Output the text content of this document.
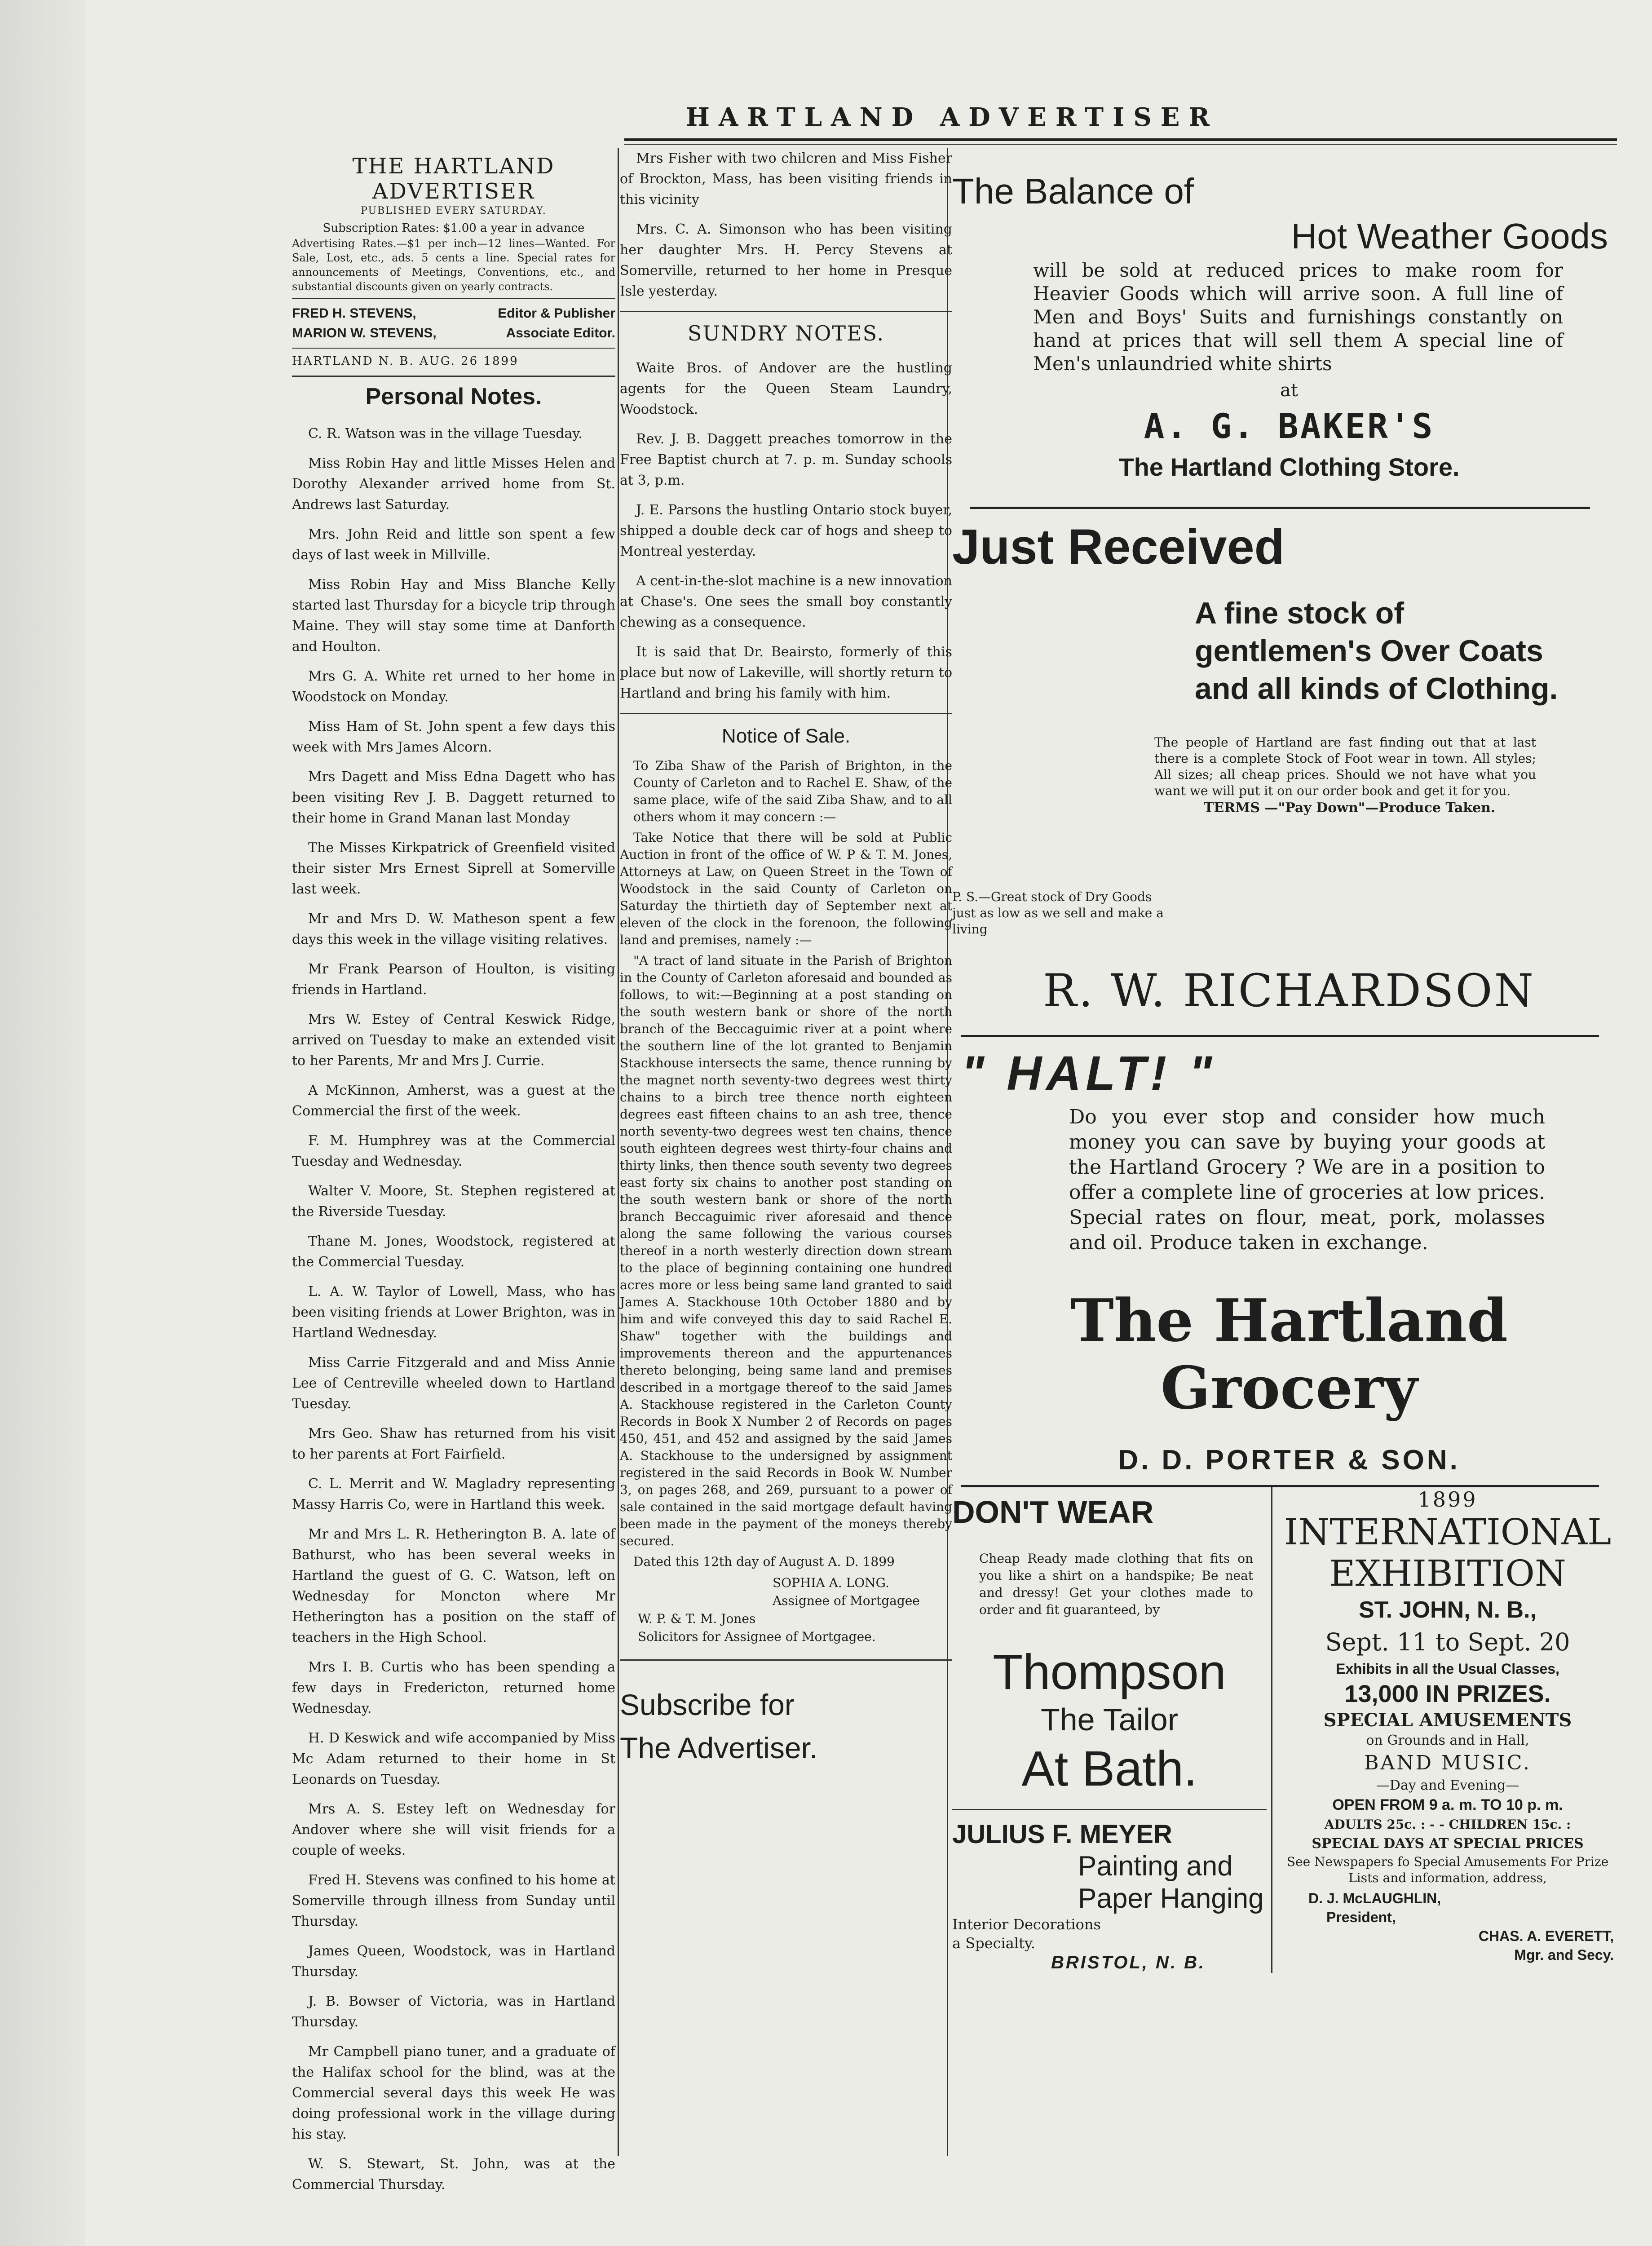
HARTLAND ADVERTISER
THE HARTLAND ADVERTISER
PUBLISHED EVERY SATURDAY.
Subscription Rates: $1.00 a year in advance
Advertising Rates.—$1 per inch—12 lines—Wanted. For Sale, Lost, etc., ads. 5 cents a line. Special rates for announcements of Meetings, Conventions, etc., and substantial discounts given on yearly contracts.
FRED H. STEVENS,	Editor & Publisher
MARION W. STEVENS,	Associate Editor.
HARTLAND N. B. AUG. 26 1899
Personal Notes.

C. R. Watson was in the village Tuesday.

Miss Robin Hay and little Misses Helen and Dorothy Alexander arrived home from St. Andrews last Saturday.

Mrs. John Reid and little son spent a few days of last week in Millville.

Miss Robin Hay and Miss Blanche Kelly started last Thursday for a bicycle trip through Maine. They will stay some time at Danforth and Houlton.

Mrs G. A. White ret urned to her home in Woodstock on Monday.

Miss Ham of St. John spent a few days this week with Mrs James Alcorn.

Mrs Dagett and Miss Edna Dagett who has been visiting Rev J. B. Daggett returned to their home in Grand Manan last Monday

The Misses Kirkpatrick of Greenfield visited their sister Mrs Ernest Siprell at Somerville last week.

Mr and Mrs D. W. Matheson spent a few days this week in the village visiting relatives.

Mr Frank Pearson of Houlton, is visiting friends in Hartland.

Mrs W. Estey of Central Keswick Ridge, arrived on Tuesday to make an extended visit to her Parents, Mr and Mrs J. Currie.

A McKinnon, Amherst, was a guest at the Commercial the first of the week.

F. M. Humphrey was at the Commercial Tuesday and Wednesday.

Walter V. Moore, St. Stephen registered at the Riverside Tuesday.

Thane M. Jones, Woodstock, registered at the Commercial Tuesday.

L. A. W. Taylor of Lowell, Mass, who has been visiting friends at Lower Brighton, was in Hartland Wednesday.

Miss Carrie Fitzgerald and and Miss Annie Lee of Centreville wheeled down to Hartland Tuesday.

Mrs Geo. Shaw has returned from his visit to her parents at Fort Fairfield.

C. L. Merrit and W. Magladry representing Massy Harris Co, were in Hartland this week.

Mr and Mrs L. R. Hetherington B. A. late of Bathurst, who has been several weeks in Hartland the guest of G. C. Watson, left on Wednesday for Moncton where Mr Hetherington has a position on the staff of teachers in the High School.

Mrs I. B. Curtis who has been spending a few days in Fredericton, returned home Wednesday.

H. D Keswick and wife accompanied by Miss Mc Adam returned to their home in St Leonards on Tuesday.

Mrs A. S. Estey left on Wednesday for Andover where she will visit friends for a couple of weeks.

Fred H. Stevens was confined to his home at Somerville through illness from Sunday until Thursday.

James Queen, Woodstock, was in Hartland Thursday.

J. B. Bowser of Victoria, was in Hartland Thursday.

Mr Campbell piano tuner, and a graduate of the Halifax school for the blind, was at the Commercial several days this week He was doing professional work in the village during his stay.

W. S. Stewart, St. John, was at the Commercial Thursday.

Mrs Fisher with two chilcren and Miss Fisher of Brockton, Mass, has been visiting friends in this vicinity

Mrs. C. A. Simonson who has been visiting her daughter Mrs. H. Percy Stevens at Somerville, returned to her home in Presque Isle yesterday.

SUNDRY NOTES.

Waite Bros. of Andover are the hustling agents for the Queen Steam Laundry, Woodstock.

Rev. J. B. Daggett preaches tomorrow in the Free Baptist church at 7. p. m. Sunday schools at 3, p.m.

J. E. Parsons the hustling Ontario stock buyer, shipped a double deck car of hogs and sheep to Montreal yesterday.

A cent-in-the-slot machine is a new innovation at Chase's. One sees the small boy constantly chewing as a consequence.

It is said that Dr. Beairsto, formerly of this place but now of Lakeville, will shortly return to Hartland and bring his family with him.

Notice of Sale.

To Ziba Shaw of the Parish of Brighton, in the County of Carleton and to Rachel E. Shaw, of the same place, wife of the said Ziba Shaw, and to all others whom it may concern :—

Take Notice that there will be sold at Public Auction in front of the office of W. P & T. M. Jones, Attorneys at Law, on Queen Street in the Town of Woodstock in the said County of Carleton on Saturday the thirtieth day of September next at eleven of the clock in the forenoon, the following land and premises, namely :—

"A tract of land situate in the Parish of Brighton in the County of Carleton aforesaid and bounded as follows, to wit:—Beginning at a post standing on the south western bank or shore of the north branch of the Beccaguimic river at a point where the southern line of the lot granted to Benjamin Stackhouse intersects the same, thence running by the magnet north seventy-two degrees west thirty chains to a birch tree thence north eighteen degrees east fifteen chains to an ash tree, thence north seventy-two degrees west ten chains, thence south eighteen degrees west thirty-four chains and thirty links, then thence south seventy two degrees east forty six chains to another post standing on the south western bank or shore of the north branch Beccaguimic river aforesaid and thence along the same following the various courses thereof in a north westerly direction down stream to the place of beginning containing one hundred acres more or less being same land granted to said James A. Stackhouse 10th October 1880 and by him and wife conveyed this day to said Rachel E. Shaw" together with the buildings and improvements thereon and the appurtenances thereto belonging, being same land and premises described in a mortgage thereof to the said James A. Stackhouse registered in the Carleton County Records in Book X Number 2 of Records on pages 450, 451, and 452 and assigned by the said James A. Stackhouse to the undersigned by assignment registered in the said Records in Book W. Number 3, on pages 268, and 269, pursuant to a power of sale contained in the said mortgage default having been made in the payment of the moneys thereby secured.

Dated this 12th day of August A. D. 1899

SOPHIA A. LONG.
Assignee of Mortgagee
W. P. & T. M. Jones
Solicitors for Assignee of Mortgagee.
Subscribe for
The Advertiser.
The Balance of
Hot Weather Goods
will be sold at reduced prices to make room for Heavier Goods which will arrive soon. A full line of Men and Boys' Suits and furnishings constantly on hand at prices that will sell them A special line of Men's unlaundried white shirts
at
A. G. BAKER'S
The Hartland Clothing Store.
Just Received
A fine stock of gentlemen's Over Coats and all kinds of Clothing.
The people of Hartland are fast finding out that at last there is a complete Stock of Foot wear in town. All styles; All sizes; all cheap prices. Should we not have what you want we will put it on our order book and get it for you.
TERMS —"Pay Down"—Produce Taken.
P. S.—Great stock of Dry Goods just as low as we sell and make a living
R. W. RICHARDSON
" HALT! "
Do you ever stop and consider how much money you can save by buying your goods at the Hartland Grocery ? We are in a position to offer a complete line of groceries at low prices. Special rates on flour, meat, pork, molasses and oil. Produce taken in exchange.
The Hartland Grocery
D. D. PORTER & SON.
DON'T WEAR
Cheap Ready made clothing that fits on you like a shirt on a handspike; Be neat and dressy! Get your clothes made to order and fit guaranteed, by
Thompson
The Tailor
At Bath.
JULIUS F. MEYER
Painting and
Paper Hanging
Interior Decorations
a Specialty.
BRISTOL, N. B.
1899
INTERNATIONAL
EXHIBITION
ST. JOHN, N. B.,
Sept. 11 to Sept. 20
Exhibits in all the Usual Classes,
13,000 IN PRIZES.
SPECIAL AMUSEMENTS
on Grounds and in Hall,
BAND MUSIC.
—Day and Evening—
OPEN FROM 9 a. m. TO 10 p. m.
ADULTS 25c. : - - CHILDREN 15c. :
SPECIAL DAYS AT SPECIAL PRICES
See Newspapers fo Special Amusements For Prize Lists and information, address,
D. J. McLAUGHLIN,
President,
CHAS. A. EVERETT,
Mgr. and Secy.
